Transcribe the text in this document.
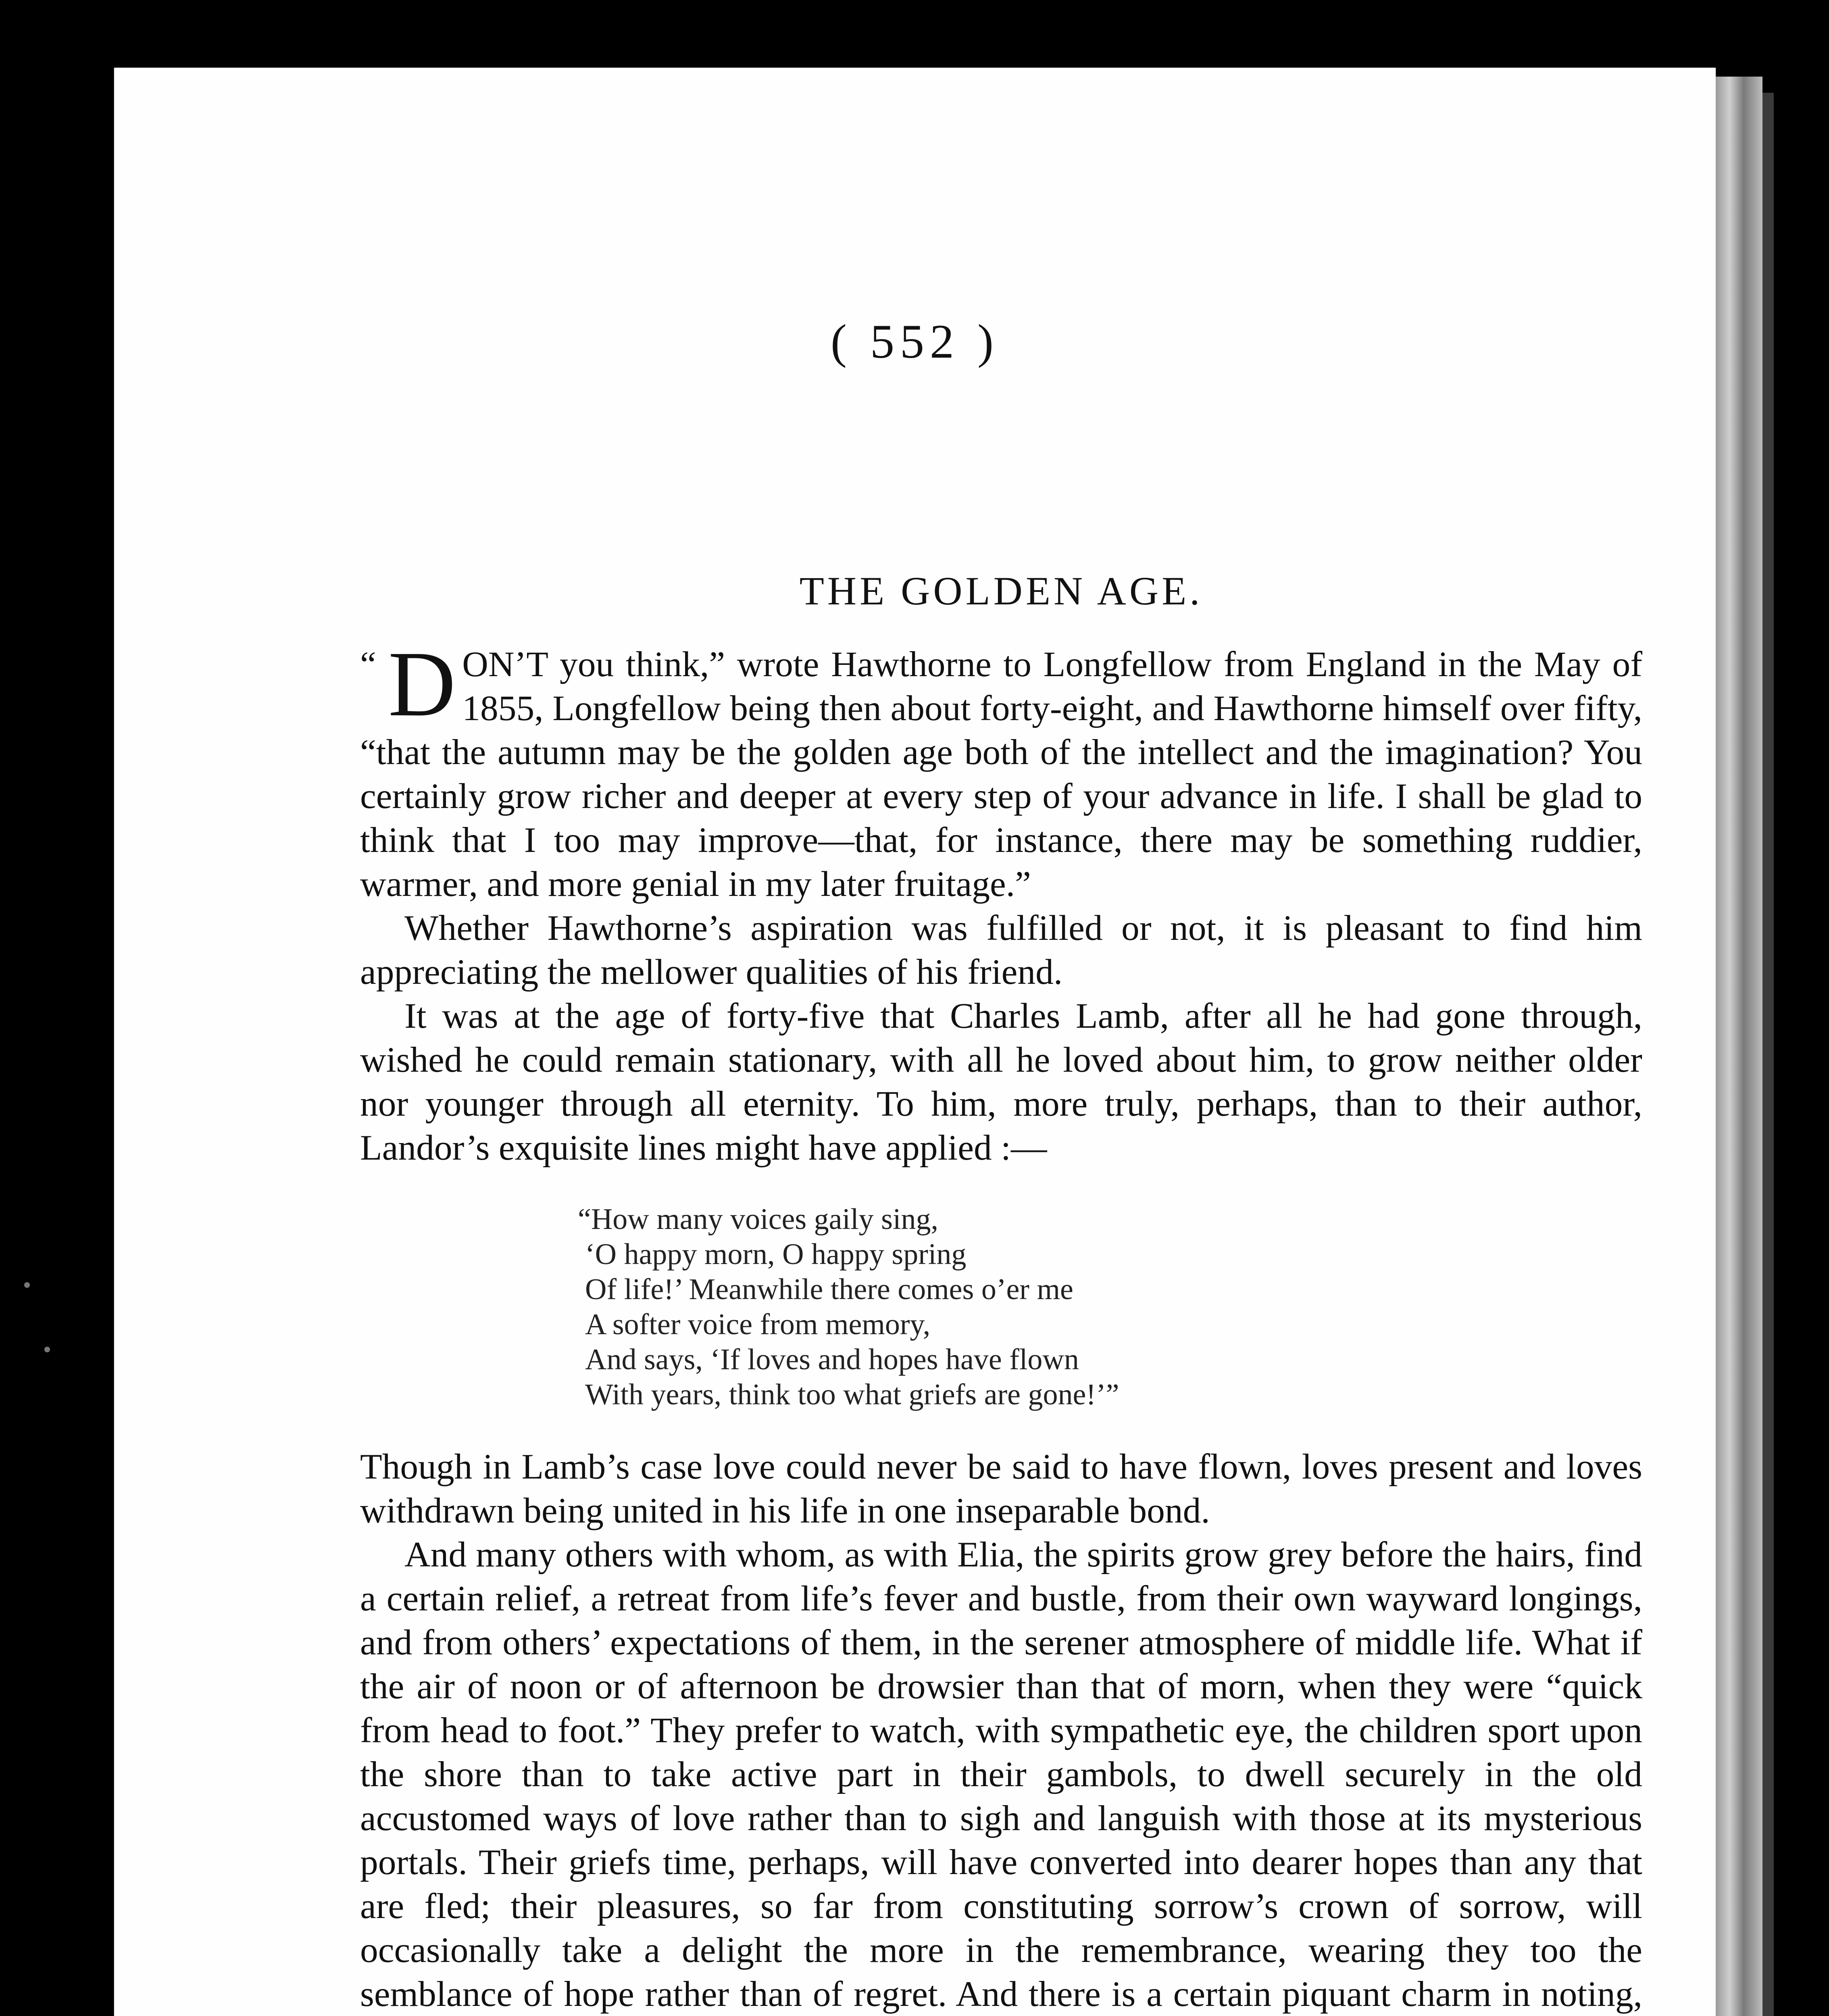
( 552 )
THE GOLDEN AGE.

“ D ON’T you think,” wrote Hawthorne to Longfellow from England in the May of 1855, Longfellow being then about forty-eight, and Hawthorne himself over fifty, “that the autumn may be the golden age both of the intellect and the imagination? You certainly grow richer and deeper at every step of your advance in life. I shall be glad to think that I too may improve—that, for instance, there may be something ruddier, warmer, and more genial in my later fruitage.”

Whether Hawthorne’s aspiration was fulfilled or not, it is pleasant to find him appreciating the mellower qualities of his friend.

It was at the age of forty-five that Charles Lamb, after all he had gone through, wished he could remain stationary, with all he loved about him, to grow neither older nor younger through all eternity. To him, more truly, perhaps, than to their author, Landor’s exquisite lines might have applied :—

“How many voices gaily sing,
‘O happy morn, O happy spring
Of life!’ Meanwhile there comes o’er me
A softer voice from memory,
And says, ‘If loves and hopes have flown
With years, think too what griefs are gone!’”

Though in Lamb’s case love could never be said to have flown, loves present and loves withdrawn being united in his life in one inseparable bond.

And many others with whom, as with Elia, the spirits grow grey before the hairs, find a certain relief, a retreat from life’s fever and bustle, from their own wayward longings, and from others’ expectations of them, in the serener atmosphere of middle life. What if the air of noon or of afternoon be drowsier than that of morn, when they were “quick from head to foot.” They prefer to watch, with sympathetic eye, the children sport upon the shore than to take active part in their gambols, to dwell securely in the old accustomed ways of love rather than to sigh and languish with those at its mysterious portals. Their griefs time, perhaps, will have converted into dearer hopes than any that are fled; their pleasures, so far from constituting sorrow’s crown of sorrow, will occasionally take a delight the more in the remembrance, wearing they too the semblance of hope rather than of regret. And there is a certain piquant charm in noting,
